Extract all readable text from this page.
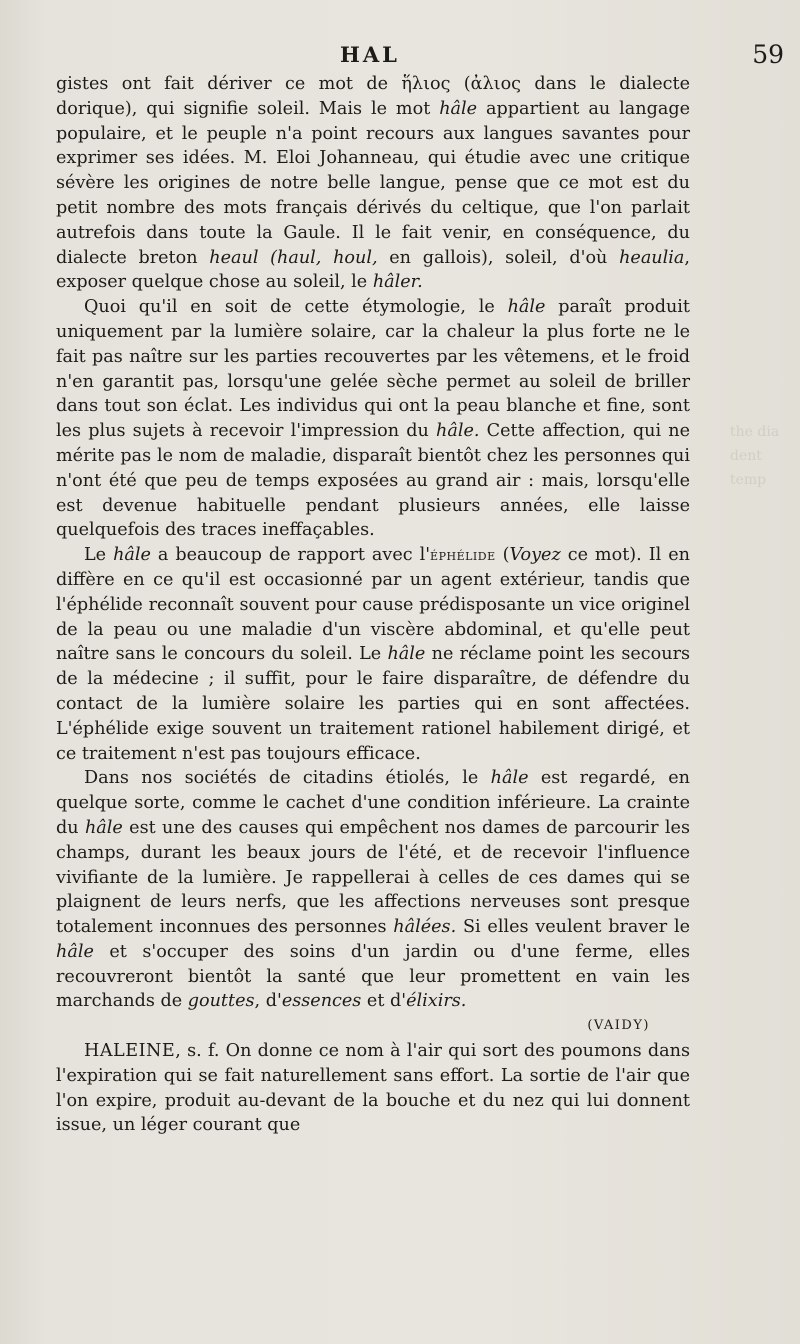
HAL	59

gistes ont fait dériver ce mot de ἥλιος (ἀλιος dans le dialecte dorique), qui signifie soleil. Mais le mot hâle appartient au langage populaire, et le peuple n'a point recours aux langues savantes pour exprimer ses idées. M. Eloi Johanneau, qui étudie avec une critique sévère les origines de notre belle langue, pense que ce mot est du petit nombre des mots français dérivés du celtique, que l'on parlait autrefois dans toute la Gaule. Il le fait venir, en conséquence, du dialecte breton heaul (haul, houl, en gallois), soleil, d'où heaulia, exposer quelque chose au soleil, le hâler.

Quoi qu'il en soit de cette étymologie, le hâle paraît produit uniquement par la lumière solaire, car la chaleur la plus forte ne le fait pas naître sur les parties recouvertes par les vêtemens, et le froid n'en garantit pas, lorsqu'une gelée sèche permet au soleil de briller dans tout son éclat. Les individus qui ont la peau blanche et fine, sont les plus sujets à recevoir l'impression du hâle. Cette affection, qui ne mérite pas le nom de maladie, disparaît bientôt chez les personnes qui n'ont été que peu de temps exposées au grand air : mais, lorsqu'elle est devenue habituelle pendant plusieurs années, elle laisse quelquefois des traces ineffaçables.

Le hâle a beaucoup de rapport avec l'éphélide (Voyez ce mot). Il en diffère en ce qu'il est occasionné par un agent extérieur, tandis que l'éphélide reconnaît souvent pour cause prédisposante un vice originel de la peau ou une maladie d'un viscère abdominal, et qu'elle peut naître sans le concours du soleil. Le hâle ne réclame point les secours de la médecine ; il suffit, pour le faire disparaître, de défendre du contact de la lumière solaire les parties qui en sont affectées. L'éphélide exige souvent un traitement rationel habilement dirigé, et ce traitement n'est pas toujours efficace.

Dans nos sociétés de citadins étiolés, le hâle est regardé, en quelque sorte, comme le cachet d'une condition inférieure. La crainte du hâle est une des causes qui empêchent nos dames de parcourir les champs, durant les beaux jours de l'été, et de recevoir l'influence vivifiante de la lumière. Je rappellerai à celles de ces dames qui se plaignent de leurs nerfs, que les affections nerveuses sont presque totalement inconnues des personnes hâlées. Si elles veulent braver le hâle et s'occuper des soins d'un jardin ou d'une ferme, elles recouvreront bientôt la santé que leur promettent en vain les marchands de gouttes, d'essences et d'élixirs.

(VAIDY)

HALEINE, s. f. On donne ce nom à l'air qui sort des poumons dans l'expiration qui se fait naturellement sans effort. La sortie de l'air que l'on expire, produit au-devant de la bouche et du nez qui lui donnent issue, un léger courant que

the dia
dent
temp
